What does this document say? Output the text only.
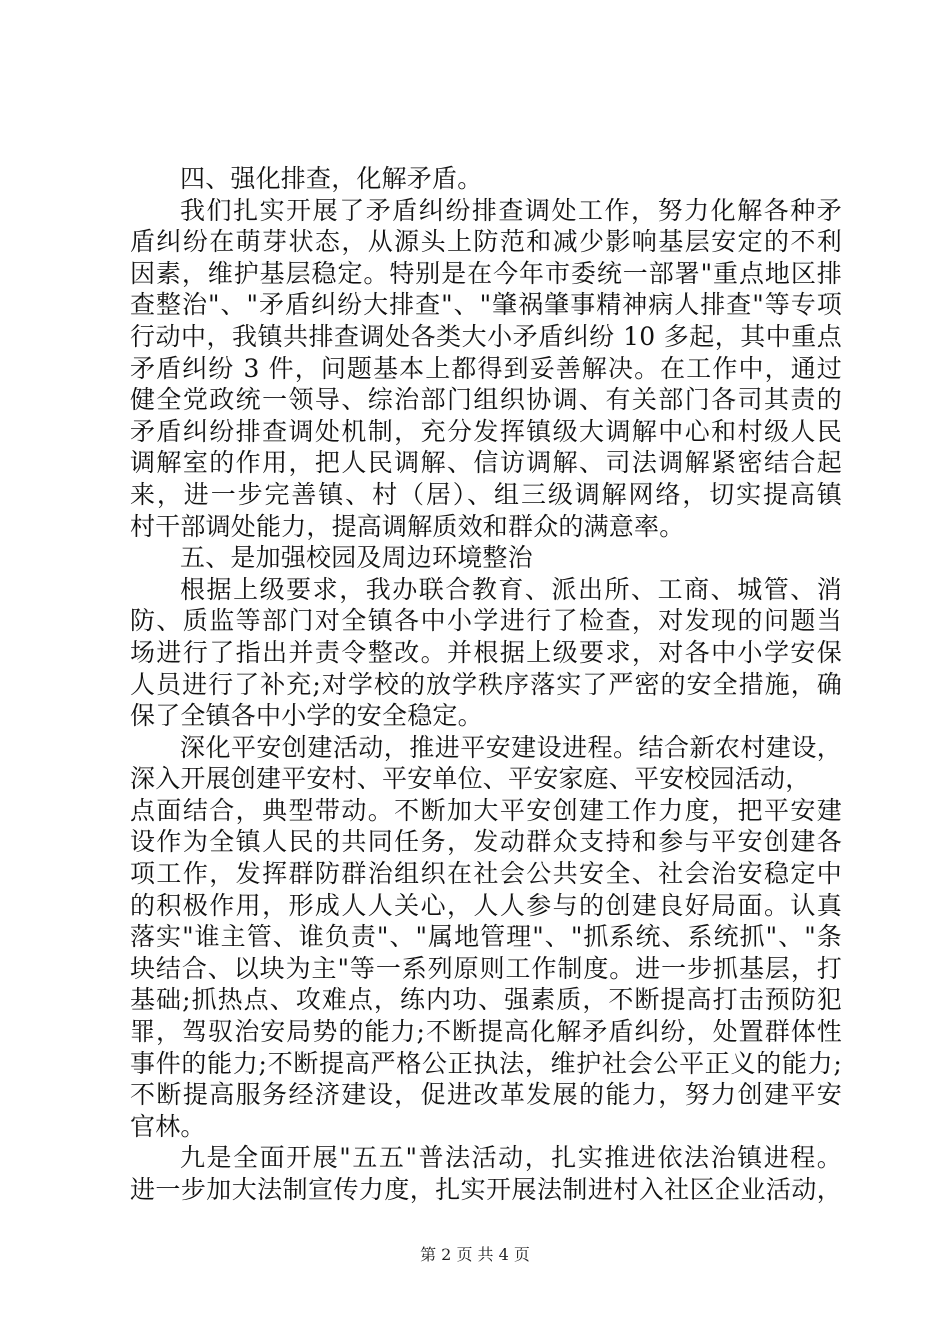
四、强化排查，化解矛盾。
我们扎实开展了矛盾纠纷排查调处工作，努力化解各种矛
盾纠纷在萌芽状态，从源头上防范和减少影响基层安定的不利
因素，维护基层稳定。特别是在今年市委统一部署"重点地区排
查整治"、"矛盾纠纷大排查"、"肇祸肇事精神病人排查"等专项
行动中，我镇共排查调处各类大小矛盾纠纷 10 多起，其中重点
矛盾纠纷 3 件，问题基本上都得到妥善解决。在工作中，通过
健全党政统一领导、综治部门组织协调、有关部门各司其责的
矛盾纠纷排查调处机制，充分发挥镇级大调解中心和村级人民
调解室的作用，把人民调解、信访调解、司法调解紧密结合起
来，进一步完善镇、村（居）、组三级调解网络，切实提高镇
村干部调处能力，提高调解质效和群众的满意率。
五、是加强校园及周边环境整治
根据上级要求，我办联合教育、派出所、工商、城管、消
防、质监等部门对全镇各中小学进行了检查，对发现的问题当
场进行了指出并责令整改。并根据上级要求，对各中小学安保
人员进行了补充;对学校的放学秩序落实了严密的安全措施，确
保了全镇各中小学的安全稳定。
深化平安创建活动，推进平安建设进程。结合新农村建设，
深入开展创建平安村、平安单位、平安家庭、平安校园活动，
点面结合，典型带动。不断加大平安创建工作力度，把平安建
设作为全镇人民的共同任务，发动群众支持和参与平安创建各
项工作，发挥群防群治组织在社会公共安全、社会治安稳定中
的积极作用，形成人人关心，人人参与的创建良好局面。认真
落实"谁主管、谁负责"、"属地管理"、"抓系统、系统抓"、"条
块结合、以块为主"等一系列原则工作制度。进一步抓基层，打
基础;抓热点、攻难点，练内功、强素质，不断提高打击预防犯
罪，驾驭治安局势的能力;不断提高化解矛盾纠纷，处置群体性
事件的能力;不断提高严格公正执法，维护社会公平正义的能力;
不断提高服务经济建设，促进改革发展的能力，努力创建平安
官林。
九是全面开展"五五"普法活动，扎实推进依法治镇进程。
进一步加大法制宣传力度，扎实开展法制进村入社区企业活动，
第 2 页 共 4 页
